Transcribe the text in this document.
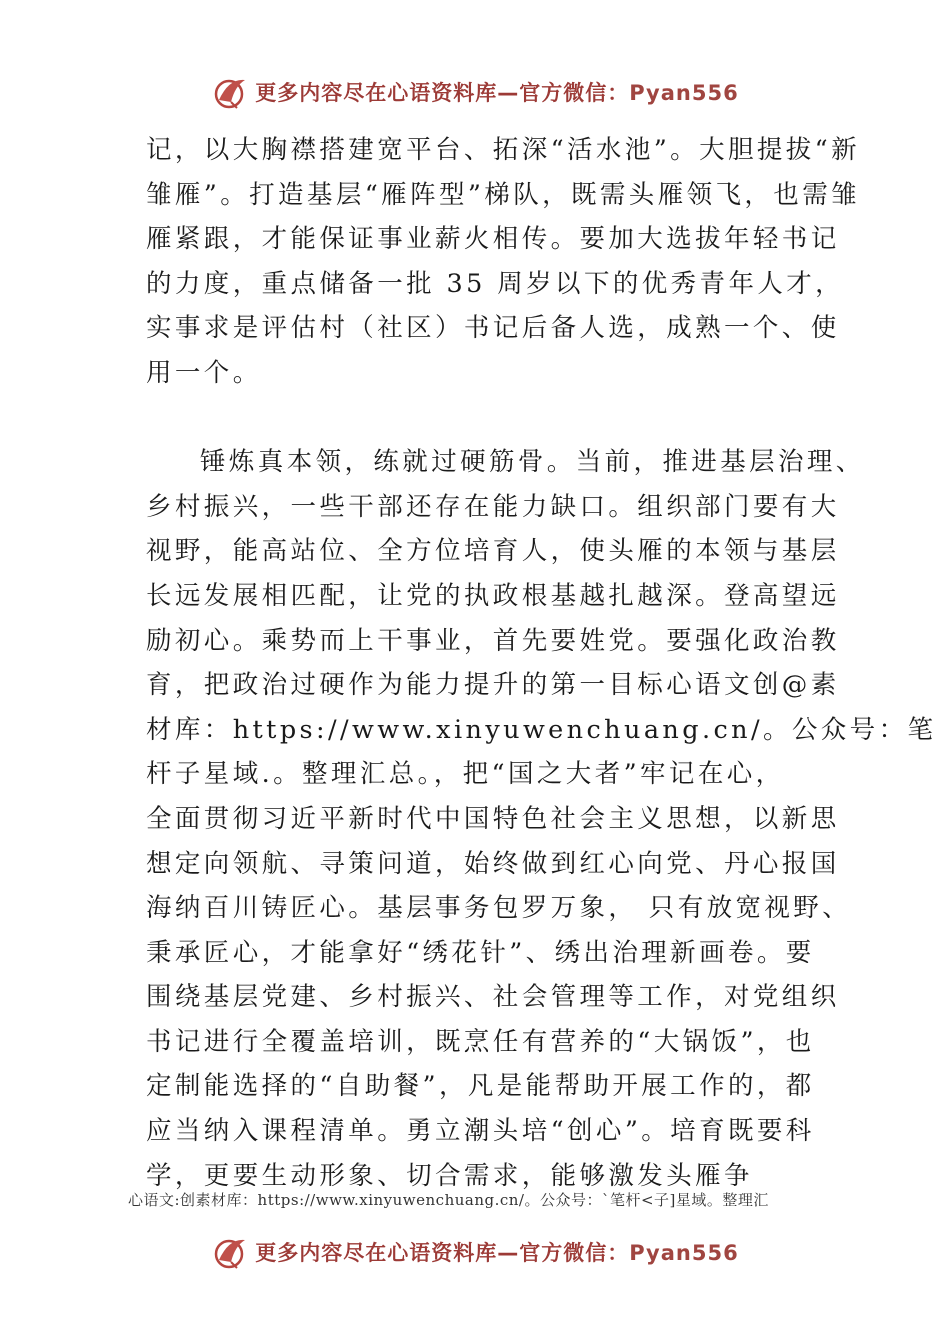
更多内容尽在心语资料库—官方微信：Pyan556
记，以大胸襟搭建宽平台、拓深“活水池”。大胆提拔“新
雏雁”。打造基层“雁阵型”梯队，既需头雁领飞，也需雏
雁紧跟，才能保证事业薪火相传。要加大选拔年轻书记
的力度，重点储备一批 35 周岁以下的优秀青年人才，
实事求是评估村（社区）书记后备人选，成熟一个、使
用一个。
锤炼真本领，练就过硬筋骨。当前，推进基层治理、
乡村振兴，一些干部还存在能力缺口。组织部门要有大
视野，能高站位、全方位培育人，使头雁的本领与基层
长远发展相匹配，让党的执政根基越扎越深。登高望远
励初心。乘势而上干事业，首先要姓党。要强化政治教
育，把政治过硬作为能力提升的第一目标心语文创@素
材库：https://www.xinyuwenchuang.cn/。公众号：笔
杆子星域.。整理汇总。，把“国之大者”牢记在心，
全面贯彻习近平新时代中国特色社会主义思想，以新思
想定向领航、寻策问道，始终做到红心向党、丹心报国
海纳百川铸匠心。基层事务包罗万象， 只有放宽视野、
秉承匠心，才能拿好“绣花针”、绣出治理新画卷。要
围绕基层党建、乡村振兴、社会管理等工作，对党组织
书记进行全覆盖培训，既烹任有营养的“大锅饭”，也
定制能选择的“自助餐”，凡是能帮助开展工作的，都
应当纳入课程清单。勇立潮头培“创心”。培育既要科
学，更要生动形象、切合需求，能够激发头雁争
心语文:创素材库：https://www.xinyuwenchuang.cn/。公众号：`笔杆<子]星域。整理汇
更多内容尽在心语资料库—官方微信：Pyan556
